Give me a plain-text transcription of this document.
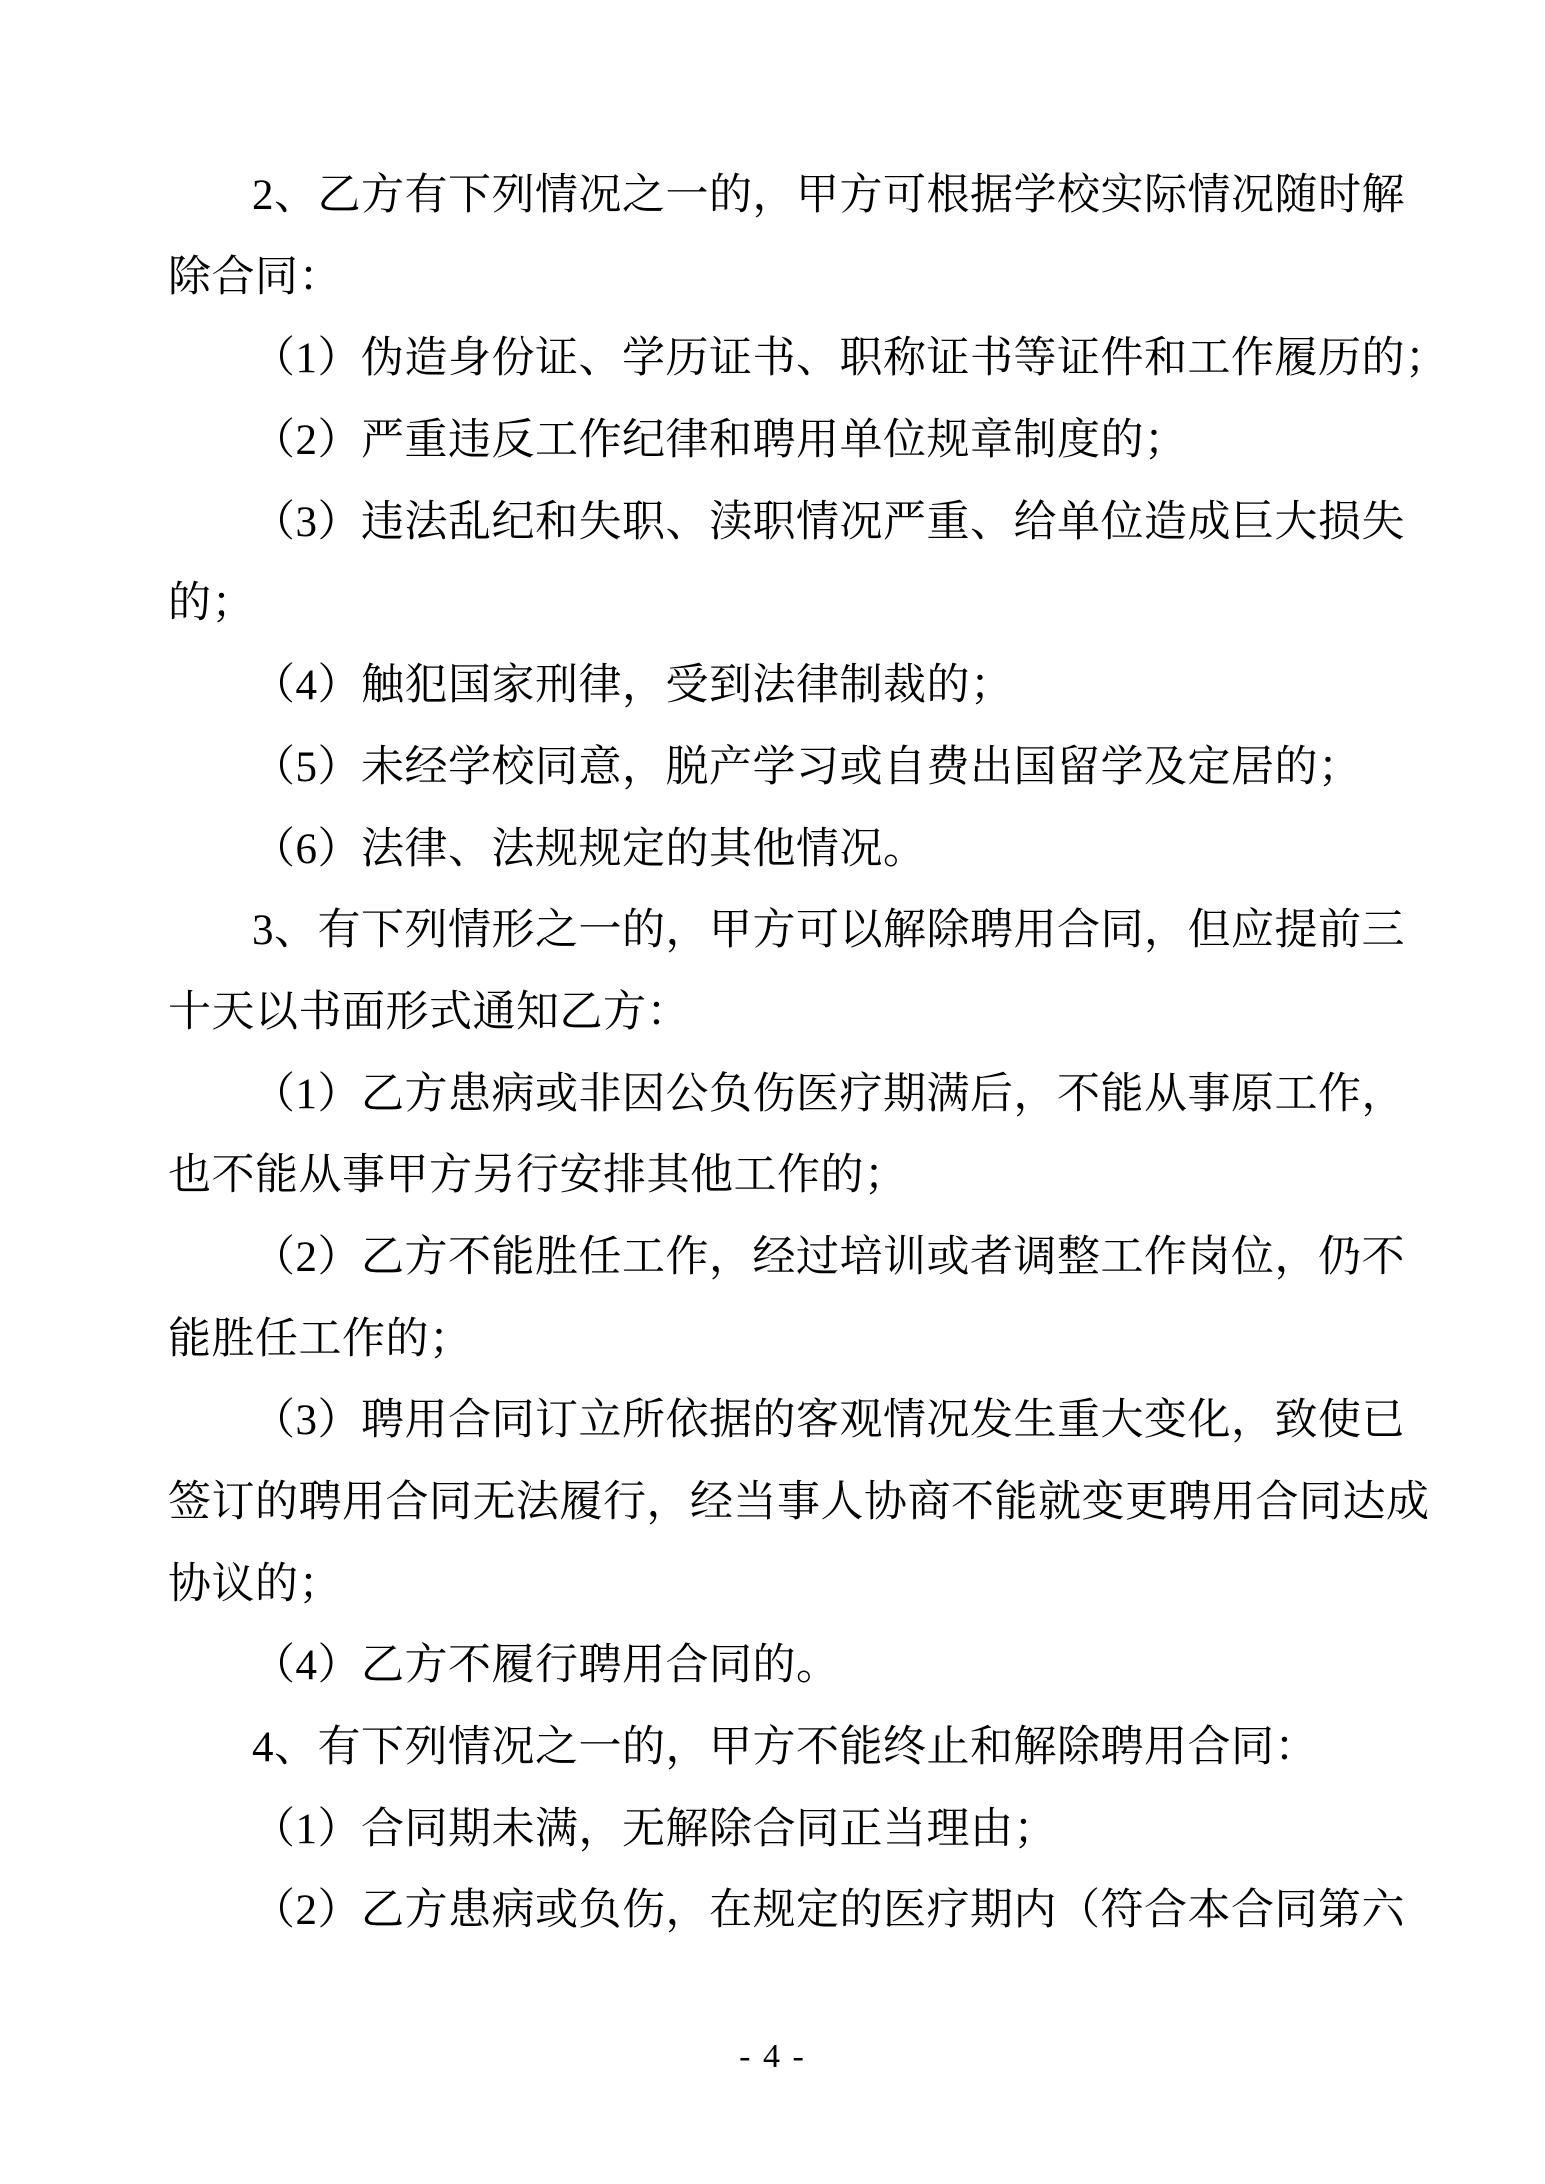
2、乙方有下列情况之一的，甲方可根据学校实际情况随时解
除合同：
（1）伪造身份证、学历证书、职称证书等证件和工作履历的；
（2）严重违反工作纪律和聘用单位规章制度的；
（3）违法乱纪和失职、渎职情况严重、给单位造成巨大损失
的；
（4）触犯国家刑律，受到法律制裁的；
（5）未经学校同意，脱产学习或自费出国留学及定居的；
（6）法律、法规规定的其他情况。
3、有下列情形之一的，甲方可以解除聘用合同，但应提前三
十天以书面形式通知乙方：
（1）乙方患病或非因公负伤医疗期满后，不能从事原工作，
也不能从事甲方另行安排其他工作的；
（2）乙方不能胜任工作，经过培训或者调整工作岗位，仍不
能胜任工作的；
（3）聘用合同订立所依据的客观情况发生重大变化，致使已
签订的聘用合同无法履行，经当事人协商不能就变更聘用合同达成
协议的；
（4）乙方不履行聘用合同的。
4、有下列情况之一的，甲方不能终止和解除聘用合同：
（1）合同期未满，无解除合同正当理由；
（2）乙方患病或负伤，在规定的医疗期内（符合本合同第六
- 4 -
